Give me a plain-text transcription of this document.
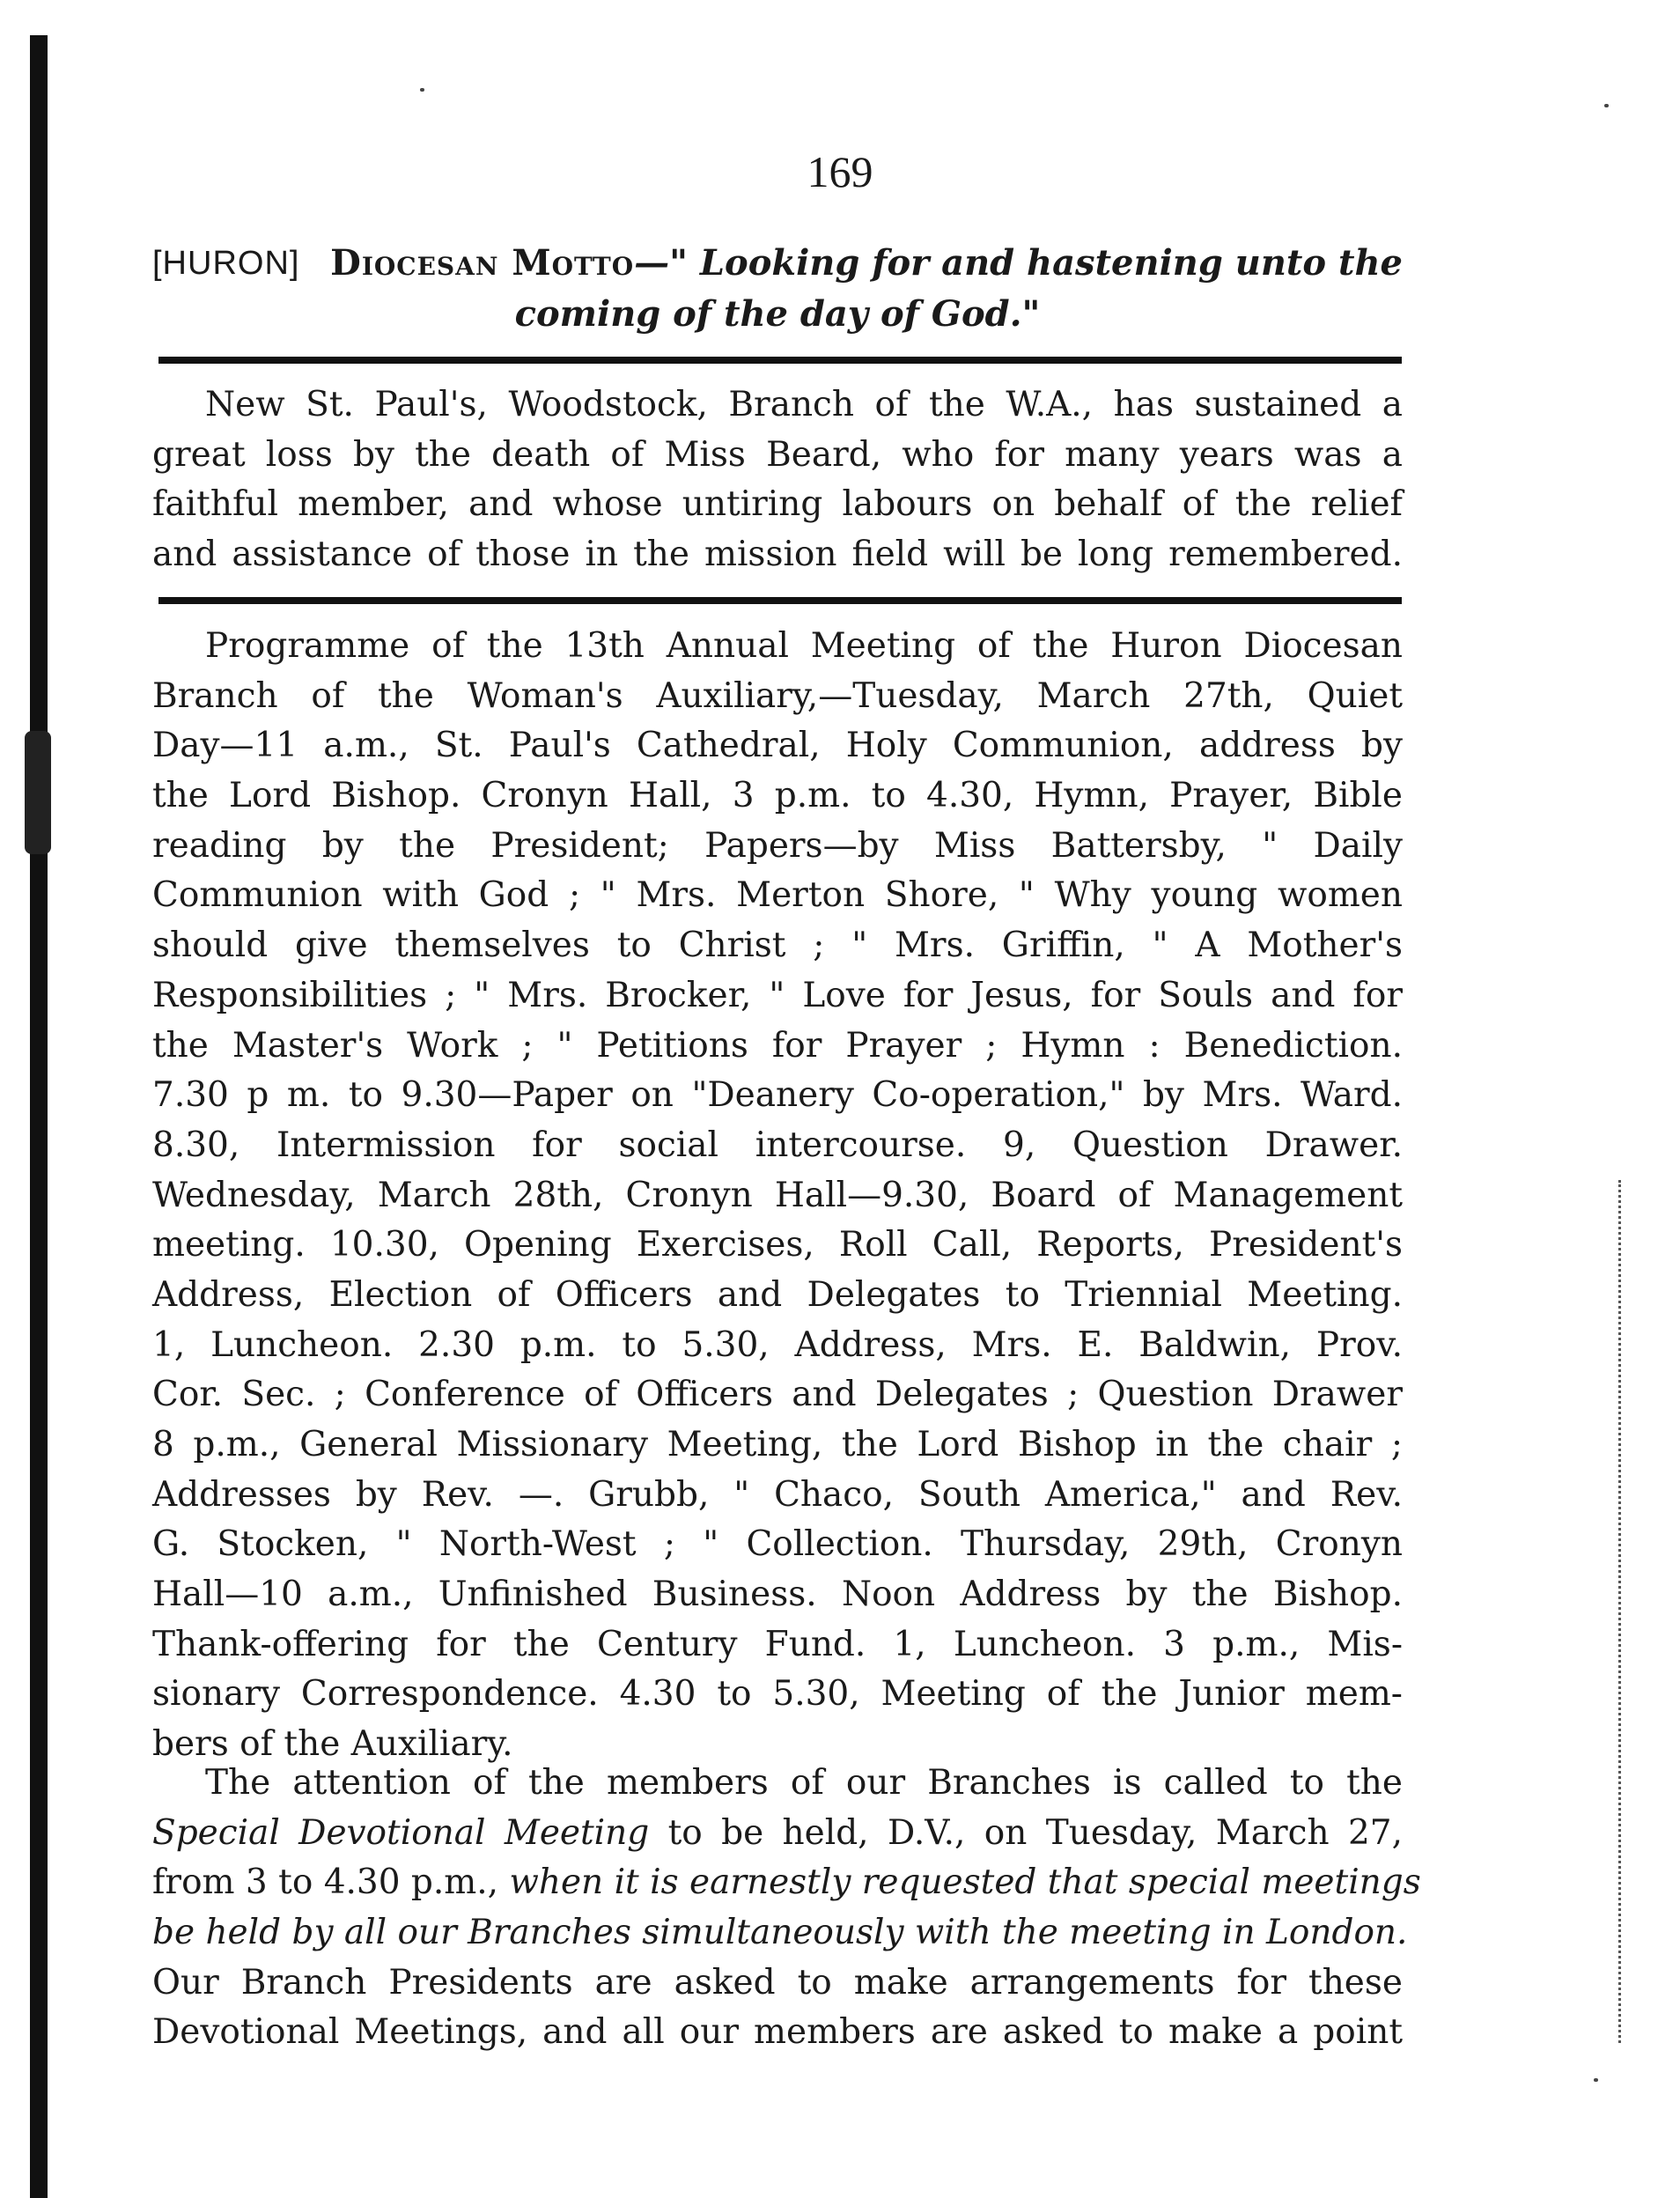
169
[HURON] Diocesan Motto—" Looking for and hastening unto the
coming of the day of God."
New St. Paul's, Woodstock, Branch of the W.A., has sustained a
great loss by the death of Miss Beard, who for many years was a
faithful member, and whose untiring labours on behalf of the relief
and assistance of those in the mission field will be long remembered.
Programme of the 13th Annual Meeting of the Huron Diocesan
Branch of the Woman's Auxiliary,—Tuesday, March 27th, Quiet
Day—11 a.m., St. Paul's Cathedral, Holy Communion, address by
the Lord Bishop. Cronyn Hall, 3 p.m. to 4.30, Hymn, Prayer, Bible
reading by the President; Papers—by Miss Battersby, " Daily
Communion with God ; " Mrs. Merton Shore, " Why young women
should give themselves to Christ ; " Mrs. Griffin, " A Mother's
Responsibilities ; " Mrs. Brocker, " Love for Jesus, for Souls and for
the Master's Work ; " Petitions for Prayer ; Hymn : Benediction.
7.30 p m. to 9.30—Paper on "Deanery Co-operation," by Mrs. Ward.
8.30, Intermission for social intercourse. 9, Question Drawer.
Wednesday, March 28th, Cronyn Hall—9.30, Board of Management
meeting. 10.30, Opening Exercises, Roll Call, Reports, President's
Address, Election of Officers and Delegates to Triennial Meeting.
1, Luncheon. 2.30 p.m. to 5.30, Address, Mrs. E. Baldwin, Prov.
Cor. Sec. ; Conference of Officers and Delegates ; Question Drawer
8 p.m., General Missionary Meeting, the Lord Bishop in the chair ;
Addresses by Rev. —. Grubb, " Chaco, South America," and Rev.
G. Stocken, " North-West ; " Collection. Thursday, 29th, Cronyn
Hall—10 a.m., Unfinished Business. Noon Address by the Bishop.
Thank-offering for the Century Fund. 1, Luncheon. 3 p.m., Mis-
sionary Correspondence. 4.30 to 5.30, Meeting of the Junior mem-
bers of the Auxiliary.
The attention of the members of our Branches is called to the
Special Devotional Meeting to be held, D.V., on Tuesday, March 27,
from 3 to 4.30 p.m., when it is earnestly requested that special meetings
be held by all our Branches simultaneously with the meeting in London.
Our Branch Presidents are asked to make arrangements for these
Devotional Meetings, and all our members are asked to make a point
